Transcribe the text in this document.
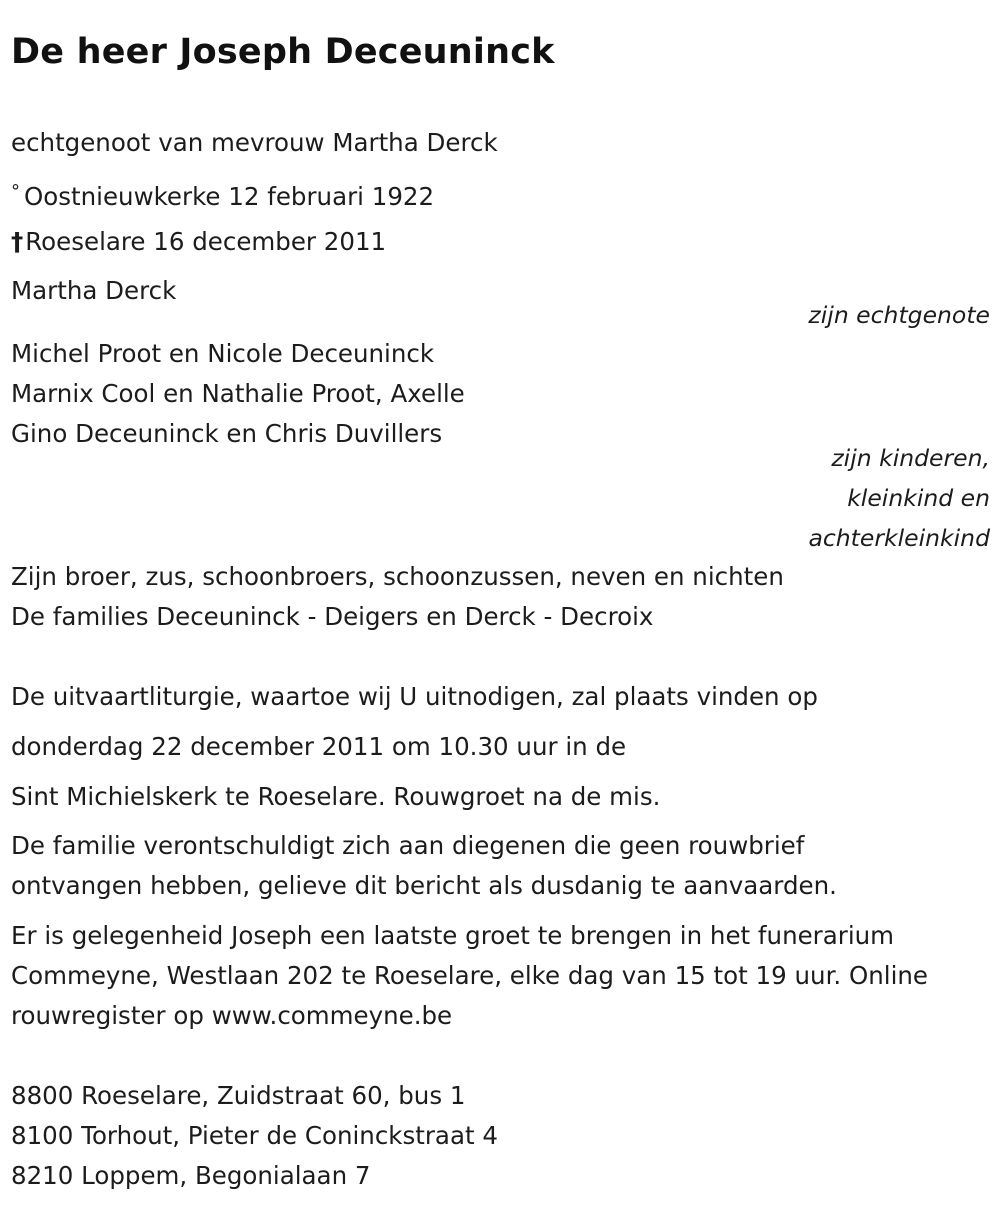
De heer Joseph Deceuninck
echtgenoot van mevrouw Martha Derck
° Oostnieuwkerke 12 februari 1922
†Roeselare 16 december 2011
Martha Derck
zijn echtgenote
Michel Proot en Nicole Deceuninck
Marnix Cool en Nathalie Proot, Axelle
Gino Deceuninck en Chris Duvillers
zijn kinderen,
kleinkind en
achterkleinkind
Zijn broer, zus, schoonbroers, schoonzussen, neven en nichten
De families Deceuninck - Deigers en Derck - Decroix
De uitvaartliturgie, waartoe wij U uitnodigen, zal plaats vinden op
donderdag 22 december 2011 om 10.30 uur in de
Sint Michielskerk te Roeselare. Rouwgroet na de mis.
De familie verontschuldigt zich aan diegenen die geen rouwbrief
ontvangen hebben, gelieve dit bericht als dusdanig te aanvaarden.
Er is gelegenheid Joseph een laatste groet te brengen in het funerarium
Commeyne, Westlaan 202 te Roeselare, elke dag van 15 tot 19 uur. Online
rouwregister op www.commeyne.be
8800 Roeselare, Zuidstraat 60, bus 1
8100 Torhout, Pieter de Coninckstraat 4
8210 Loppem, Begonialaan 7
